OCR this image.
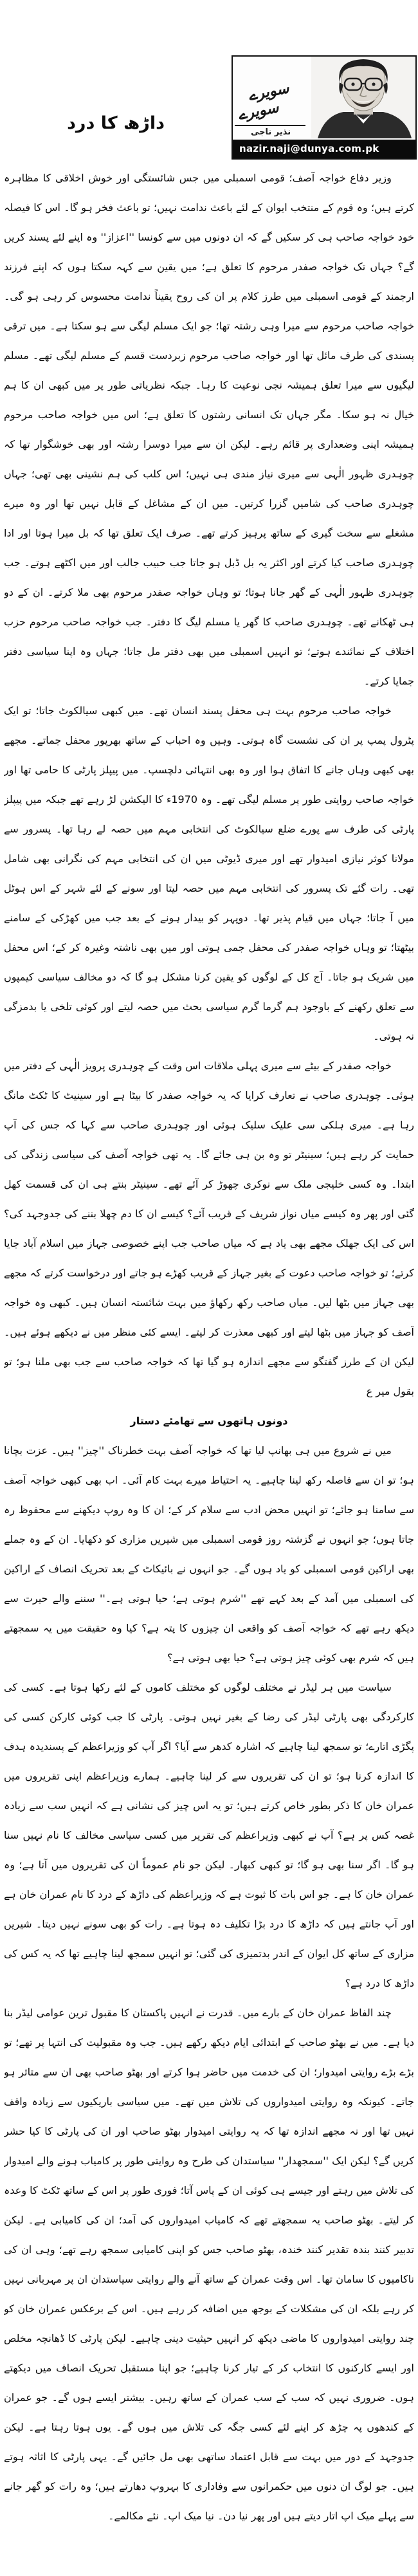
سویرے
سویرے
نذیر ناجی
nazir.naji@dunya.com.pk
داڑھ کا درد

وزیر دفاع خواجہ آصف؛ قومی اسمبلی میں جس شائستگی اور خوش اخلاقی کا مظاہرہ کرتے ہیں؛ وہ قوم کے منتخب ایوان کے لئے باعث ندامت نہیں؛ تو باعث فخر ہو گا۔ اس کا فیصلہ خود خواجہ صاحب ہی کر سکیں گے کہ ان دونوں میں سے کونسا ''اعزاز'' وہ اپنے لئے پسند کریں گے؟ جہاں تک خواجہ صفدر مرحوم کا تعلق ہے؛ میں یقین سے کہہ سکتا ہوں کہ اپنے فرزند ارجمند کے قومی اسمبلی میں طرز کلام پر ان کی روح یقیناً ندامت محسوس کر رہی ہو گی۔ خواجہ صاحب مرحوم سے میرا وہی رشتہ تھا؛ جو ایک مسلم لیگی سے ہو سکتا ہے۔ میں ترقی پسندی کی طرف مائل تھا اور خواجہ صاحب مرحوم زبردست قسم کے مسلم لیگی تھے۔ مسلم لیگیوں سے میرا تعلق ہمیشہ نجی نوعیت کا رہا۔ جبکہ نظریاتی طور پر میں کبھی ان کا ہم خیال نہ ہو سکا۔ مگر جہاں تک انسانی رشتوں کا تعلق ہے؛ اس میں خواجہ صاحب مرحوم ہمیشہ اپنی وضعداری پر قائم رہے۔ لیکن ان سے میرا دوسرا رشتہ اور بھی خوشگوار تھا کہ چوہدری ظہور الٰہی سے میری نیاز مندی ہی نہیں؛ اس کلب کی ہم نشینی بھی تھی؛ جہاں چوہدری صاحب کی شامیں گزرا کرتیں۔ میں ان کے مشاغل کے قابل نہیں تھا اور وہ میرے مشغلے سے سخت گیری کے ساتھ پرہیز کرتے تھے۔ صرف ایک تعلق تھا کہ بل میرا ہوتا اور ادا چوہدری صاحب کیا کرتے اور اکثر یہ بل ڈبل ہو جاتا جب حبیب جالب اور میں اکٹھے ہوتے۔ جب چوہدری ظہور الٰہی کے گھر جانا ہوتا؛ تو وہاں خواجہ صفدر مرحوم بھی ملا کرتے۔ ان کے دو ہی ٹھکانے تھے۔ چوہدری صاحب کا گھر یا مسلم لیگ کا دفتر۔ جب خواجہ صاحب مرحوم حزب اختلاف کے نمائندے ہوتے؛ تو انہیں اسمبلی میں بھی دفتر مل جاتا؛ جہاں وہ اپنا سیاسی دفتر جمایا کرتے۔

خواجہ صاحب مرحوم بہت ہی محفل پسند انسان تھے۔ میں کبھی سیالکوٹ جاتا؛ تو ایک پٹرول پمپ پر ان کی نشست گاہ ہوتی۔ وہیں وہ احباب کے ساتھ بھرپور محفل جماتے۔ مجھے بھی کبھی وہاں جانے کا اتفاق ہوا اور وہ بھی انتہائی دلچسپ۔ میں پیپلز پارٹی کا حامی تھا اور خواجہ صاحب روایتی طور پر مسلم لیگی تھے۔ وہ 1970ء کا الیکشن لڑ رہے تھے جبکہ میں پیپلز پارٹی کی طرف سے پورے ضلع سیالکوٹ کی انتخابی مہم میں حصہ لے رہا تھا۔ پسرور سے مولانا کوثر نیازی امیدوار تھے اور میری ڈیوٹی میں ان کی انتخابی مہم کی نگرانی بھی شامل تھی۔ رات گئے تک پسرور کی انتخابی مہم میں حصہ لیتا اور سونے کے لئے شہر کے اس ہوٹل میں آ جاتا؛ جہاں میں قیام پذیر تھا۔ دوپہر کو بیدار ہونے کے بعد جب میں کھڑکی کے سامنے بیٹھتا؛ تو وہاں خواجہ صفدر کی محفل جمی ہوتی اور میں بھی ناشتہ وغیرہ کر کے؛ اس محفل میں شریک ہو جاتا۔ آج کل کے لوگوں کو یقین کرنا مشکل ہو گا کہ دو مخالف سیاسی کیمپوں سے تعلق رکھنے کے باوجود ہم گرما گرم سیاسی بحث میں حصہ لیتے اور کوئی تلخی یا بدمزگی نہ ہوتی۔

خواجہ صفدر کے بیٹے سے میری پہلی ملاقات اس وقت کے چوہدری پرویز الٰہی کے دفتر میں ہوئی۔ چوہدری صاحب نے تعارف کرایا کہ یہ خواجہ صفدر کا بیٹا ہے اور سینیٹ کا ٹکٹ مانگ رہا ہے۔ میری ہلکی سی علیک سلیک ہوئی اور چوہدری صاحب سے کہا کہ جس کی آپ حمایت کر رہے ہیں؛ سینیٹر تو وہ بن ہی جائے گا۔ یہ تھی خواجہ آصف کی سیاسی زندگی کی ابتدا۔ وہ کسی خلیجی ملک سے نوکری چھوڑ کر آئے تھے۔ سینیٹر بنتے ہی ان کی قسمت کھل گئی اور پھر وہ کیسے میاں نواز شریف کے قریب آئے؟ کیسے ان کا دم چھلا بننے کی جدوجہد کی؟ اس کی ایک جھلک مجھے بھی یاد ہے کہ میاں صاحب جب اپنے خصوصی جہاز میں اسلام آباد جایا کرتے؛ تو خواجہ صاحب دعوت کے بغیر جہاز کے قریب کھڑے ہو جاتے اور درخواست کرتے کہ مجھے بھی جہاز میں بٹھا لیں۔ میاں صاحب رکھ رکھاؤ میں بہت شائستہ انسان ہیں۔ کبھی وہ خواجہ آصف کو جہاز میں بٹھا لیتے اور کبھی معذرت کر لیتے۔ ایسے کئی منظر میں نے دیکھے ہوئے ہیں۔ لیکن ان کے طرز گفتگو سے مجھے اندازہ ہو گیا تھا کہ خواجہ صاحب سے جب بھی ملنا ہو؛ تو بقول میر ع

دونوں ہاتھوں سے تھامئے دستار

میں نے شروع میں ہی بھانپ لیا تھا کہ خواجہ آصف بہت خطرناک ''چیز'' ہیں۔ عزت بچانا ہو؛ تو ان سے فاصلہ رکھ لینا چاہیے۔ یہ احتیاط میرے بہت کام آئی۔ اب بھی کبھی خواجہ آصف سے سامنا ہو جائے؛ تو انہیں محض ادب سے سلام کر کے؛ ان کا وہ روپ دیکھنے سے محفوظ رہ جاتا ہوں؛ جو انہوں نے گزشتہ روز قومی اسمبلی میں شیریں مزاری کو دکھایا۔ ان کے وہ جملے بھی اراکین قومی اسمبلی کو یاد ہوں گے۔ جو انہوں نے بائیکاٹ کے بعد تحریک انصاف کے اراکین کی اسمبلی میں آمد کے بعد کہے تھے ''شرم ہوتی ہے؛ حیا ہوتی ہے۔'' سننے والے حیرت سے دیکھ رہے تھے کہ خواجہ آصف کو واقعی ان چیزوں کا پتہ ہے؟ کیا وہ حقیقت میں یہ سمجھتے ہیں کہ شرم بھی کوئی چیز ہوتی ہے؟ حیا بھی ہوتی ہے؟

سیاست میں ہر لیڈر نے مختلف لوگوں کو مختلف کاموں کے لئے رکھا ہوتا ہے۔ کسی کی کارکردگی بھی پارٹی لیڈر کی رضا کے بغیر نہیں ہوتی۔ پارٹی کا جب کوئی کارکن کسی کی پگڑی اتارے؛ تو سمجھ لینا چاہیے کہ اشارہ کدھر سے آیا؟ اگر آپ کو وزیراعظم کے پسندیدہ ہدف کا اندازہ کرنا ہو؛ تو ان کی تقریروں سے کر لینا چاہیے۔ ہمارے وزیراعظم اپنی تقریروں میں عمران خان کا ذکر بطور خاص کرتے ہیں؛ تو یہ اس چیز کی نشانی ہے کہ انہیں سب سے زیادہ غصہ کس پر ہے؟ آپ نے کبھی وزیراعظم کی تقریر میں کسی سیاسی مخالف کا نام نہیں سنا ہو گا۔ اگر سنا بھی ہو گا؛ تو کبھی کبھار۔ لیکن جو نام عموماً ان کی تقریروں میں آتا ہے؛ وہ عمران خان کا ہے۔ جو اس بات کا ثبوت ہے کہ وزیراعظم کی داڑھ کے درد کا نام عمران خان ہے اور آپ جانتے ہیں کہ داڑھ کا درد بڑا تکلیف دہ ہوتا ہے۔ رات کو بھی سونے نہیں دیتا۔ شیریں مزاری کے ساتھ کل ایوان کے اندر بدتمیزی کی گئی؛ تو انہیں سمجھ لینا چاہیے تھا کہ یہ کس کی داڑھ کا درد ہے؟

چند الفاظ عمران خان کے بارے میں۔ قدرت نے انہیں پاکستان کا مقبول ترین عوامی لیڈر بنا دیا ہے۔ میں نے بھٹو صاحب کے ابتدائی ایام دیکھ رکھے ہیں۔ جب وہ مقبولیت کی انتہا پر تھے؛ تو بڑے بڑے روایتی امیدوار؛ ان کی خدمت میں حاضر ہوا کرتے اور بھٹو صاحب بھی ان سے متاثر ہو جاتے۔ کیونکہ وہ روایتی امیدواروں کی تلاش میں تھے۔ میں سیاسی باریکیوں سے زیادہ واقف نہیں تھا اور نہ مجھے اندازہ تھا کہ یہ روایتی امیدوار بھٹو صاحب اور ان کی پارٹی کا کیا حشر کریں گے؟ لیکن ایک ''سمجھدار'' سیاستدان کی طرح وہ روایتی طور پر کامیاب ہونے والے امیدوار کی تلاش میں رہتے اور جیسے ہی کوئی ان کے پاس آتا؛ فوری طور پر اس کے ساتھ ٹکٹ کا وعدہ کر لیتے۔ بھٹو صاحب یہ سمجھتے تھے کہ کامیاب امیدواروں کی آمد؛ ان کی کامیابی ہے۔ لیکن تدبیر کنند بندہ تقدیر کنند خندہ، بھٹو صاحب جس کو اپنی کامیابی سمجھ رہے تھے؛ وہی ان کی ناکامیوں کا سامان تھا۔ اس وقت عمران کے ساتھ آنے والے روایتی سیاستدان ان پر مہربانی نہیں کر رہے بلکہ ان کی مشکلات کے بوجھ میں اضافہ کر رہے ہیں۔ اس کے برعکس عمران خان کو چند روایتی امیدواروں کا ماضی دیکھ کر انہیں حیثیت دینی چاہیے۔ لیکن پارٹی کا ڈھانچہ مخلص اور ایسے کارکنوں کا انتخاب کر کے تیار کرنا چاہیے؛ جو اپنا مستقبل تحریک انصاف میں دیکھتے ہوں۔ ضروری نہیں کہ سب کے سب عمران کے ساتھ رہیں۔ بیشتر ایسے ہوں گے۔ جو عمران کے کندھوں پہ چڑھ کر اپنے لئے کسی جگہ کی تلاش میں ہوں گے۔ یوں ہوتا رہتا ہے۔ لیکن جدوجہد کے دور میں بہت سے قابل اعتماد ساتھی بھی مل جائیں گے۔ یہی پارٹی کا اثاثہ ہوتے ہیں۔ جو لوگ ان دنوں میں حکمرانوں سے وفاداری کا بہروپ دھارتے ہیں؛ وہ رات کو گھر جانے سے پہلے میک اپ اتار دیتے ہیں اور پھر نیا دن۔ نیا میک اپ۔ نئے مکالمے۔
